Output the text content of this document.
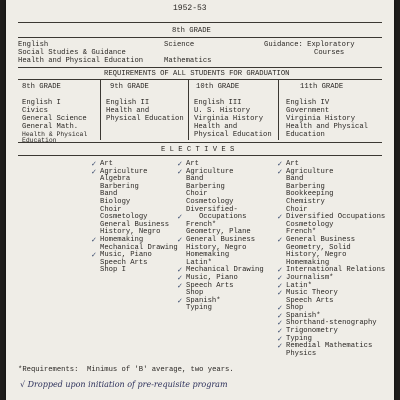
1952-53
8th GRADE
English
Social Studies & Guidance
Health and Physical Education
Science
Mathematics
Guidance: Exploratory
Courses
REQUIREMENTS OF ALL STUDENTS FOR GRADUATION
8th GRADE
English I
Civics
General Science
General Math.
Health & Physical
Education
9th GRADE
English II
Health and
Physical Education
10th GRADE
English III
U. S. History
Virginia History
Health and
Physical Education
11th GRADE
English IV
Government
Virginia History
Health and Physical
Education
E L E C T I V E S
✓ Art
✓ Agriculture
Algebra
Barbering
Band
Biology
Choir
Cosmetology
General Business
History, Negro
✓ Homemaking
Mechanical Drawing
✓ Music, Piano
Speech Arts
Shop I
✓ Art
✓ Agriculture
Band
Barbering
Choir
Cosmetology
Diversified-
✓ Occupations
French*
Geometry, Plane
✓ General Business
History, Negro
Homemaking
Latin*
✓ Mechanical Drawing
✓ Music, Piano
✓ Speech Arts
Shop
✓ Spanish*
Typing
✓ Art
✓ Agriculture
Band
Barbering
Bookkeeping
Chemistry
Choir
✓ Diversified Occupations
Cosmetology
French*
✓ General Business
Geometry, Solid
History, Negro
Homemaking
✓ International Relations
✓ Journalism*
✓ Latin*
✓ Music Theory
Speech Arts
✓ Shop
✓ Spanish*
✓ Shorthand-stenography
✓ Trigonometry
✓ Typing
✓ Remedial Mathematics
Physics
*Requirements:  Minimus of 'B' average, two years.
√ Dropped upon initiation of pre-requisite program
